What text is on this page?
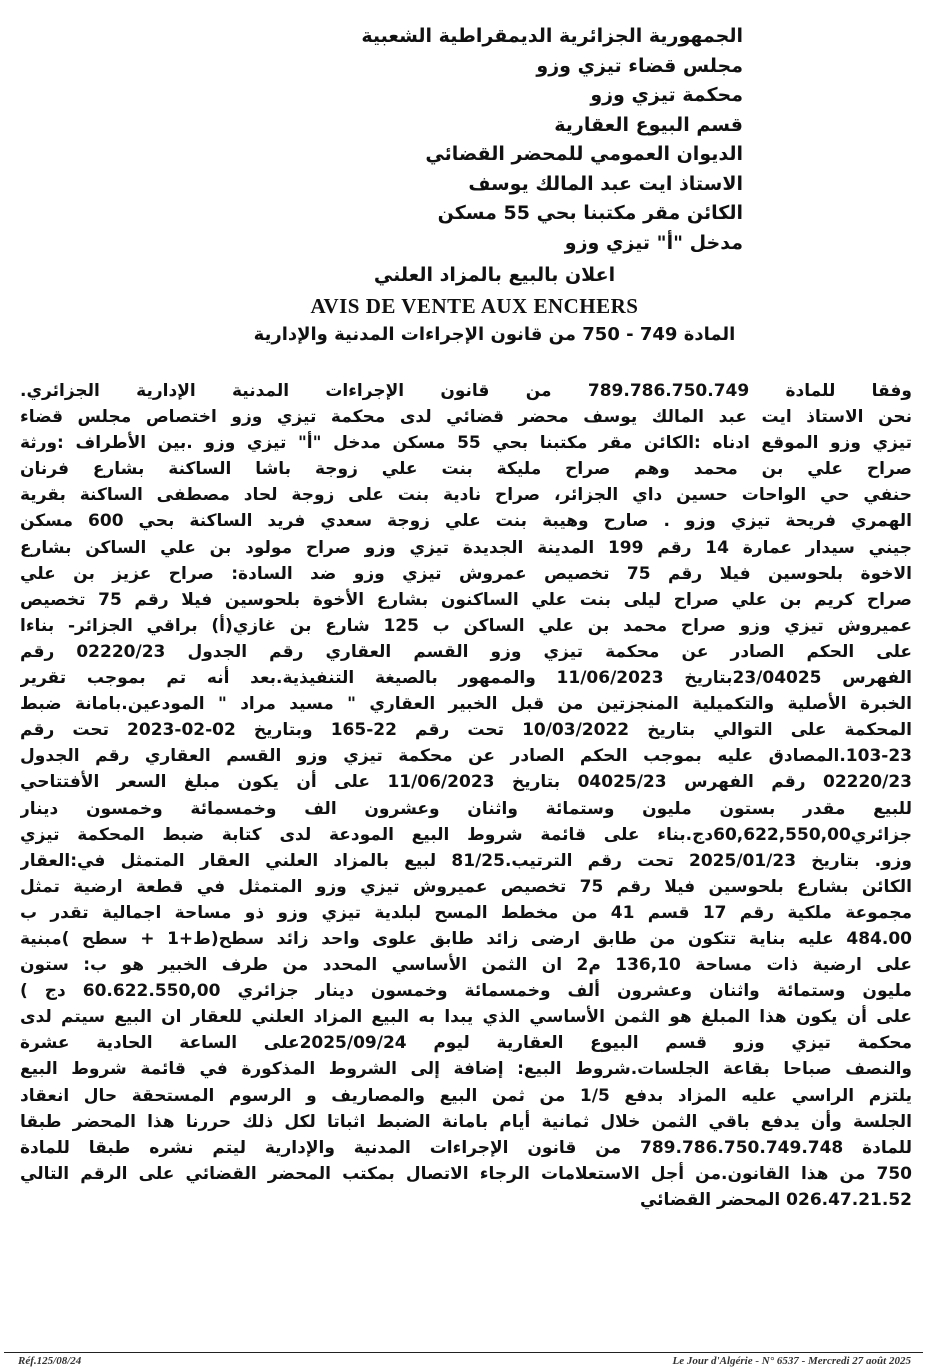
الجمهورية الجزائرية الديمقراطية الشعبية
مجلس قضاء تيزي وزو
محكمة تيزي وزو
قسم البيوع العقارية
الديوان العمومي للمحضر القضائي
الاستاذ ايت عبد المالك يوسف
الكائن مقر مكتبنا بحي 55 مسكن
مدخل "أ" تيزي وزو
اعلان بالبيع بالمزاد العلني
AVIS DE VENTE AUX ENCHERS
المادة 749 - 750 من قانون الإجراءات المدنية والإدارية
وفقا للمادة 789.786.750.749 من قانون الإجراءات المدنية الإدارية الجزائري.
نحن الاستاذ ايت عبد المالك يوسف محضر قضائي لدى محكمة تيزي وزو اختصاص مجلس قضاء
تيزي وزو الموقع ادناه :الكائن مقر مكتبنا بحي 55 مسكن مدخل "أ" تيزي وزو .بين الأطراف :ورثة
صراح علي بن محمد وهم صراح مليكة بنت علي زوجة باشا الساكنة بشارع فرنان
حنفي حي الواحات حسين داي الجزائر، صراح نادية بنت على زوجة لحاد مصطفى الساكنة بقرية
الهمري فريحة تيزي وزو . صارح وهيبة بنت علي زوجة سعدي فريد الساكنة بحي 600 مسكن
جيني سيدار عمارة 14 رقم 199 المدينة الجديدة تيزي وزو صراح مولود بن علي الساكن بشارع
الاخوة بلحوسين فيلا رقم 75 تخصيص عمروش تيزي وزو ضد السادة: صراح عزيز بن علي
صراح كريم بن علي صراح ليلى بنت علي الساكنون بشارع الأخوة بلحوسين فيلا رقم 75 تخصيص
عميروش تيزي وزو صراح محمد بن علي الساكن ب 125 شارع بن غازي(أ) براقي الجزائر- بناءا
على الحكم الصادر عن محكمة تيزي وزو القسم العقاري رقم الجدول 02220/23 رقم
الفهرس 23/04025بتاريخ 11/06/2023 والممهور بالصيغة التنفيذية.بعد أنه تم بموجب تقرير
الخبرة الأصلية والتكميلية المنجزتين من قبل الخبير العقاري " مسيد مراد " المودعين.بامانة ضبط
المحكمة على التوالي بتاريخ 10/03/2022 تحت رقم 22-165 وبتاريخ 02-02-2023 تحت رقم
103-23.المصادق عليه بموجب الحكم الصادر عن محكمة تيزي وزو القسم العقاري رقم الجدول
02220/23 رقم الفهرس 04025/23 بتاريخ 11/06/2023 على أن يكون مبلغ السعر الأفتتاحي
للبيع مقدر بستون مليون وستمائة واثنان وعشرون الف وخمسمائة وخمسون دينار
جزائري60,622,550,00دج.بناء على قائمة شروط البيع المودعة لدى كتابة ضبط المحكمة تيزي
وزو. بتاريخ 2025/01/23 تحت رقم الترتيب.81/25 لبيع بالمزاد العلني العقار المتمثل في:العقار
الكائن بشارع بلحوسين فيلا رقم 75 تخصيص عميروش تيزي وزو المتمثل في قطعة ارضية تمثل
مجموعة ملكية رقم 17 قسم 41 من مخطط المسح لبلدية تيزي وزو ذو مساحة اجمالية تقدر ب
484.00 عليه بناية تتكون من طابق ارضى زائد طابق علوى واحد زائد سطح(ط+1 + سطح )مبنية
على ارضية ذات مساحة 136,10 م2 ان الثمن الأساسي المحدد من طرف الخبير هو ب: ستون
مليون وستمائة واثنان وعشرون ألف وخمسمائة وخمسون دينار جزائري 60.622.550,00 دج )
على أن يكون هذا المبلغ هو الثمن الأساسي الذي يبدا به البيع المزاد العلني للعقار ان البيع سيتم لدى
محكمة تيزي وزو قسم البيوع العقارية ليوم 2025/09/24على الساعة الحادية عشرة
والنصف صباحا بقاعة الجلسات.شروط البيع: إضافة إلى الشروط المذكورة في قائمة شروط البيع
يلتزم الراسي عليه المزاد بدفع 1/5 من ثمن البيع والمصاريف و الرسوم المستحقة حال انعقاد
الجلسة وأن يدفع باقي الثمن خلال ثمانية أيام بامانة الضبط اثباتا لكل ذلك حررنا هذا المحضر طبقا
للمادة 789.786.750.749.748 من قانون الإجراءات المدنية والإدارية ليتم نشره طبقا للمادة
750 من هذا القانون.من أجل الاستعلامات الرجاء الاتصال بمكتب المحضر القضائي على الرقم التالي
026.47.21.52 المحضر القضائي
Réf.125/08/24	Le Jour d'Algérie - N° 6537 - Mercredi 27 août 2025
